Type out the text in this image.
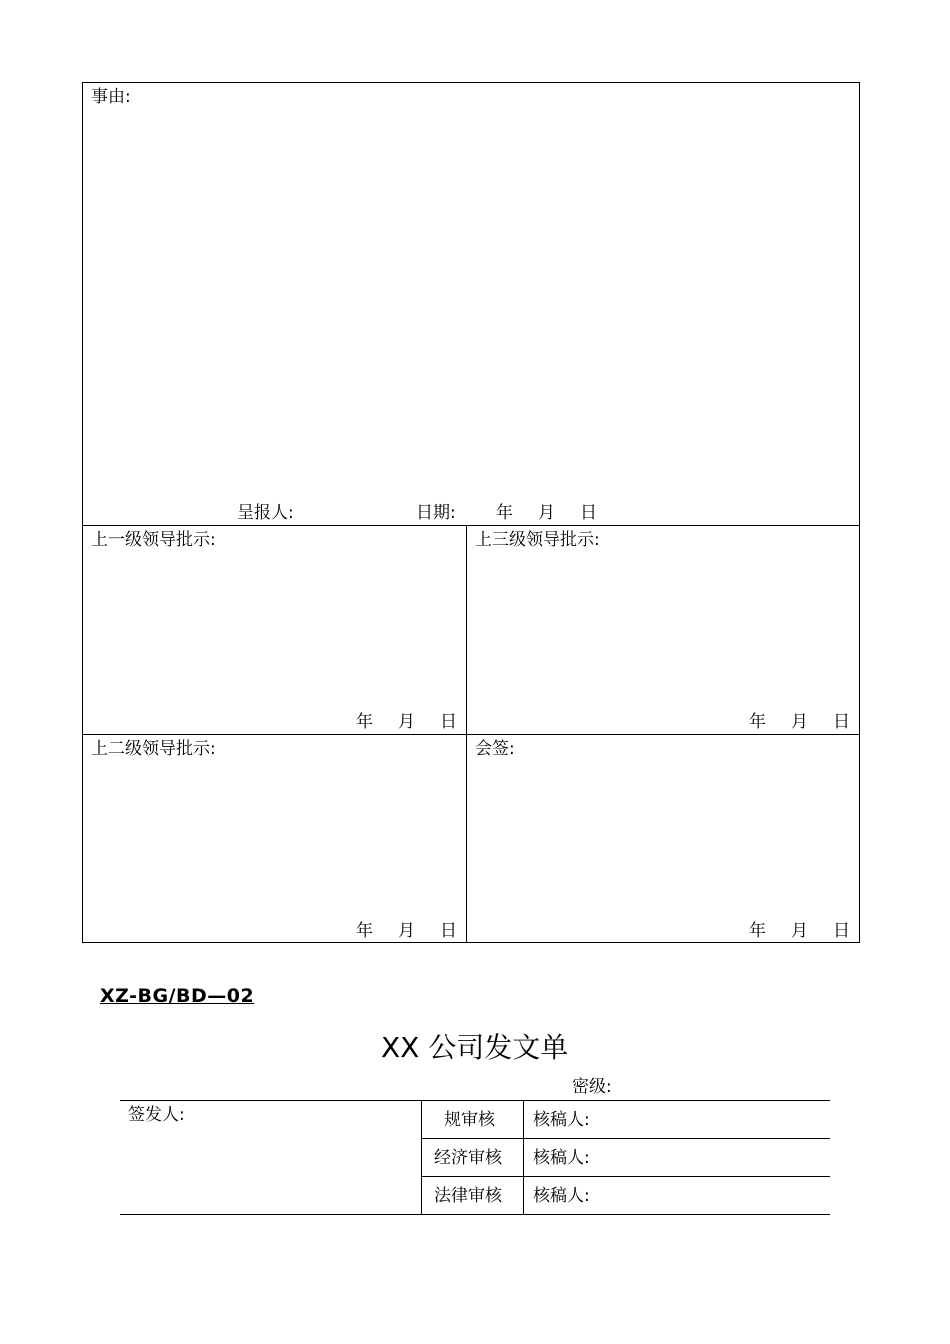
事由:
呈报人:	日期: 年 月 日
上一级领导批示:
年 月 日
上三级领导批示:
年 月 日
上二级领导批示:
年 月 日
会签:
年 月 日
XZ-BG/BD—02
XX 公司发文单
密级:
签发人:	规审核 核稿人:
经济审核 核稿人:
法律审核 核稿人:
